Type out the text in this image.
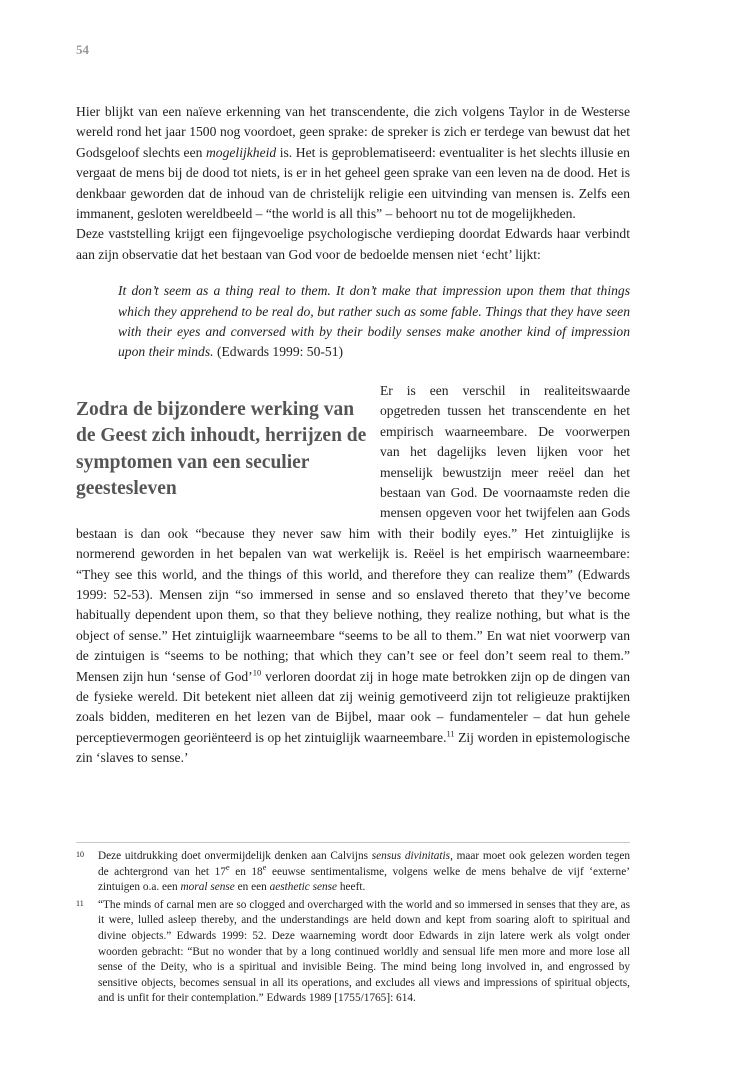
54

Hier blijkt van een naïeve erkenning van het transcendente, die zich volgens Taylor in de Westerse wereld rond het jaar 1500 nog voordoet, geen sprake: de spreker is zich er terdege van bewust dat het Godsgeloof slechts een mogelijkheid is. Het is geproblematiseerd: eventualiter is het slechts illusie en vergaat de mens bij de dood tot niets, is er in het geheel geen sprake van een leven na de dood. Het is denkbaar geworden dat de inhoud van de christelijk religie een uitvinding van mensen is. Zelfs een immanent, gesloten wereldbeeld – “the world is all this” – behoort nu tot de mogelijkheden.

Deze vaststelling krijgt een fijngevoelige psychologische verdieping doordat Edwards haar verbindt aan zijn observatie dat het bestaan van God voor de bedoelde mensen niet ‘echt’ lijkt:

It don’t seem as a thing real to them. It don’t make that impression upon them that things which they apprehend to be real do, but rather such as some fable. Things that they have seen with their eyes and conversed with by their bodily senses make another kind of impression upon their minds. (Edwards 1999: 50-51)

Zodra de bijzondere werking van de Geest zich inhoudt, herrijzen de symptomen van een seculier geestesleven
Er is een verschil in realiteitswaarde opgetreden tussen het transcendente en het empirisch waarneembare. De voorwerpen van het dagelijks leven lijken voor het menselijk bewustzijn meer reëel dan het bestaan van God. De voornaamste reden die mensen opgeven voor het twijfelen aan Gods bestaan is dan ook “because they never saw him with their bodily eyes.” Het zintuiglijke is normerend geworden in het bepalen van wat werkelijk is. Reëel is het empirisch waarneembare: “They see this world, and the things of this world, and therefore they can realize them” (Edwards 1999: 52-53). Mensen zijn “so immersed in sense and so enslaved thereto that they’ve become habitually dependent upon them, so that they believe nothing, they realize nothing, but what is the object of sense.” Het zintuiglijk waarneembare “seems to be all to them.” En wat niet voorwerp van de zintuigen is “seems to be nothing; that which they can’t see or feel don’t seem real to them.” Mensen zijn hun ‘sense of God’$^{10}$ verloren doordat zij in hoge mate betrokken zijn op de dingen van de fysieke wereld. Dit betekent niet alleen dat zij weinig gemotiveerd zijn tot religieuze praktijken zoals bidden, mediteren en het lezen van de Bijbel, maar ook – fundamenteler – dat hun gehele perceptievermogen georiënteerd is op het zintuiglijk waarneembare.$^{11}$ Zij worden in epistemologische zin ‘slaves to sense.’

10 Deze uitdrukking doet onvermijdelijk denken aan Calvijns sensus divinitatis, maar moet ook gelezen worden tegen de achtergrond van het 17e en 18e eeuwse sentimentalisme, volgens welke de mens behalve de vijf ‘externe’ zintuigen o.a. een moral sense en een aesthetic sense heeft.
11 “The minds of carnal men are so clogged and overcharged with the world and so immersed in senses that they are, as it were, lulled asleep thereby, and the understandings are held down and kept from soaring aloft to spiritual and divine objects.” Edwards 1999: 52. Deze waarneming wordt door Edwards in zijn latere werk als volgt onder woorden gebracht: “But no wonder that by a long continued worldly and sensual life men more and more lose all sense of the Deity, who is a spiritual and invisible Being. The mind being long involved in, and engrossed by sensitive objects, becomes sensual in all its operations, and excludes all views and impressions of spiritual objects, and is unfit for their contemplation.” Edwards 1989 [1755/1765]: 614.
